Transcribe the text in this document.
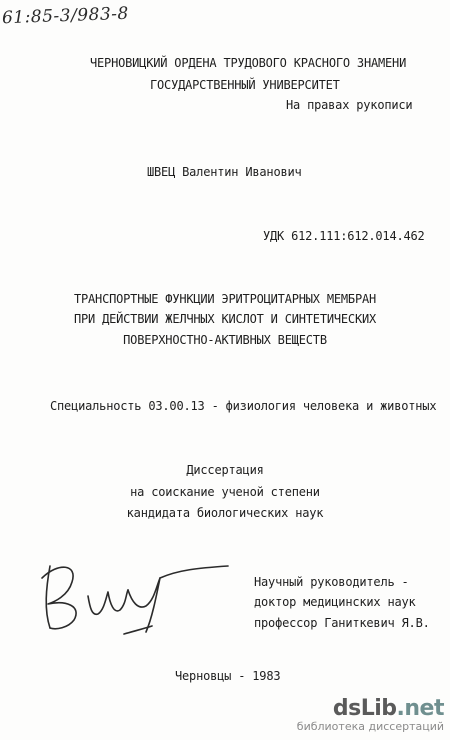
61:85-3/983-8
ЧЕРНОВИЦКИЙ ОРДЕНА ТРУДОВОГО КРАСНОГО ЗНАМЕНИ
ГОСУДАРСТВЕННЫЙ УНИВЕРСИТЕТ
На правах рукописи
ШВЕЦ Валентин Иванович
УДК 612.111:612.014.462
ТРАНСПОРТНЫЕ ФУНКЦИИ ЭРИТРОЦИТАРНЫХ МЕМБРАН
ПРИ ДЕЙСТВИИ ЖЕЛЧНЫХ КИСЛОТ И СИНТЕТИЧЕСКИХ
ПОВЕРХНОСТНО-АКТИВНЫХ ВЕЩЕСТВ
Специальность 03.00.13 - физиология человека и животных
Диссертация
на соискание ученой степени
кандидата биологических наук
Научный руководитель -
доктор медицинских наук
профессор Ганиткевич Я.В.
Черновцы - 1983
dsLib.net
библиотека диссертаций
